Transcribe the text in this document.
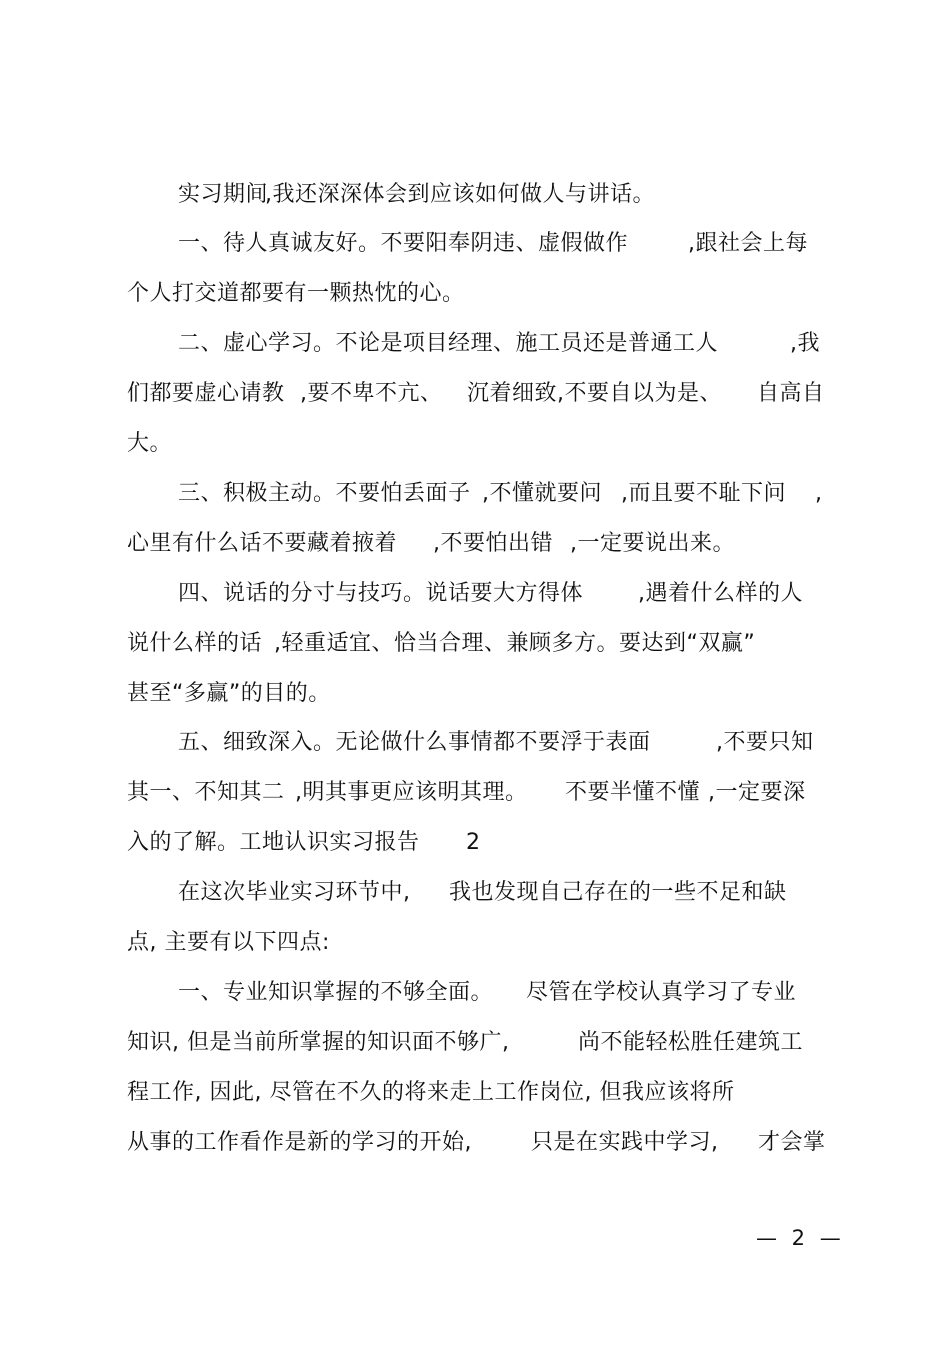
实习期间
,我还深深体会到应该如何做人与讲话。
一、待人真诚友好。不要阳奉阴违、虚假做作	,跟社会上每
个人打交道都要有一颗热忱的心。
二、虚心学习。不论是项目经理、施工员还是普通工人	,我
们都要虚心请教 ,要不卑不亢、 沉着细致 ,不要自以为是、 自高自
大。
三、积极主动。不要怕丢面子 ,不懂就要问 ,而且要不耻下问 ,
心里有什么话不要藏着掖着 ,不要怕出错 ,一定要说出来。
四、说话的分寸与技巧。说话要大方得体 ,遇着什么样的人
说什么样的话 ,轻重适宜、恰当合理、兼顾多方。要达到“双赢”
甚至“多赢”的目的。
五、细致深入。无论做什么事情都不要浮于表面	,不要只知
其一、不知其二 ,明其事更应该明其理。 不要半懂不懂 ,一定要深
入的了解。工地认识实习报告 2
在这次毕业实习环节中, 我也发现自己存在的一些不足和缺
点, 主要有以下四点:
一、专业知识掌握的不够全面。 尽管在学校认真学习了专业
知识, 但是当前所掌握的知识面不够广,	尚不能轻松胜任建筑工
程工作, 因此, 尽管在不久的将来走上工作岗位, 但我应该将所
从事的工作看作是新的学习的开始,	只是在实践中学习, 才会掌
— 2 —
